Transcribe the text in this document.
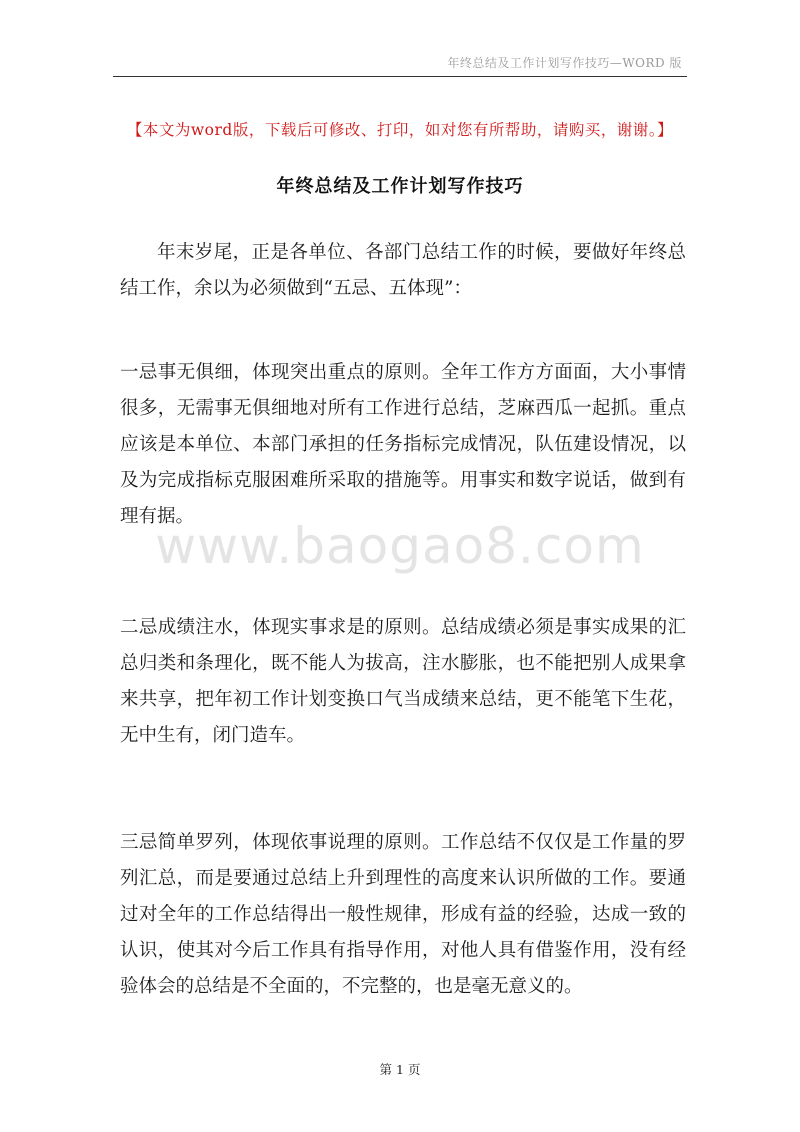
年终总结及工作计划写作技巧—WORD 版
【本文为word版，下载后可修改、打印，如对您有所帮助，请购买，谢谢。】
年终总结及工作计划写作技巧

年末岁尾，正是各单位、各部门总结工作的时候，要做好年终总结工作，余以为必须做到“五忌、五体现”：

一忌事无俱细，体现突出重点的原则。全年工作方方面面，大小事情很多，无需事无俱细地对所有工作进行总结，芝麻西瓜一起抓。重点应该是本单位、本部门承担的任务指标完成情况，队伍建设情况，以及为完成指标克服困难所采取的措施等。用事实和数字说话，做到有理有据。

www.baogao8.com

二忌成绩注水，体现实事求是的原则。总结成绩必须是事实成果的汇总归类和条理化，既不能人为拔高，注水膨胀，也不能把别人成果拿来共享，把年初工作计划变换口气当成绩来总结，更不能笔下生花，无中生有，闭门造车。

三忌简单罗列，体现依事说理的原则。工作总结不仅仅是工作量的罗列汇总，而是要通过总结上升到理性的高度来认识所做的工作。要通过对全年的工作总结得出一般性规律，形成有益的经验，达成一致的认识，使其对今后工作具有指导作用，对他人具有借鉴作用，没有经验体会的总结是不全面的，不完整的，也是毫无意义的。

第 1 页
